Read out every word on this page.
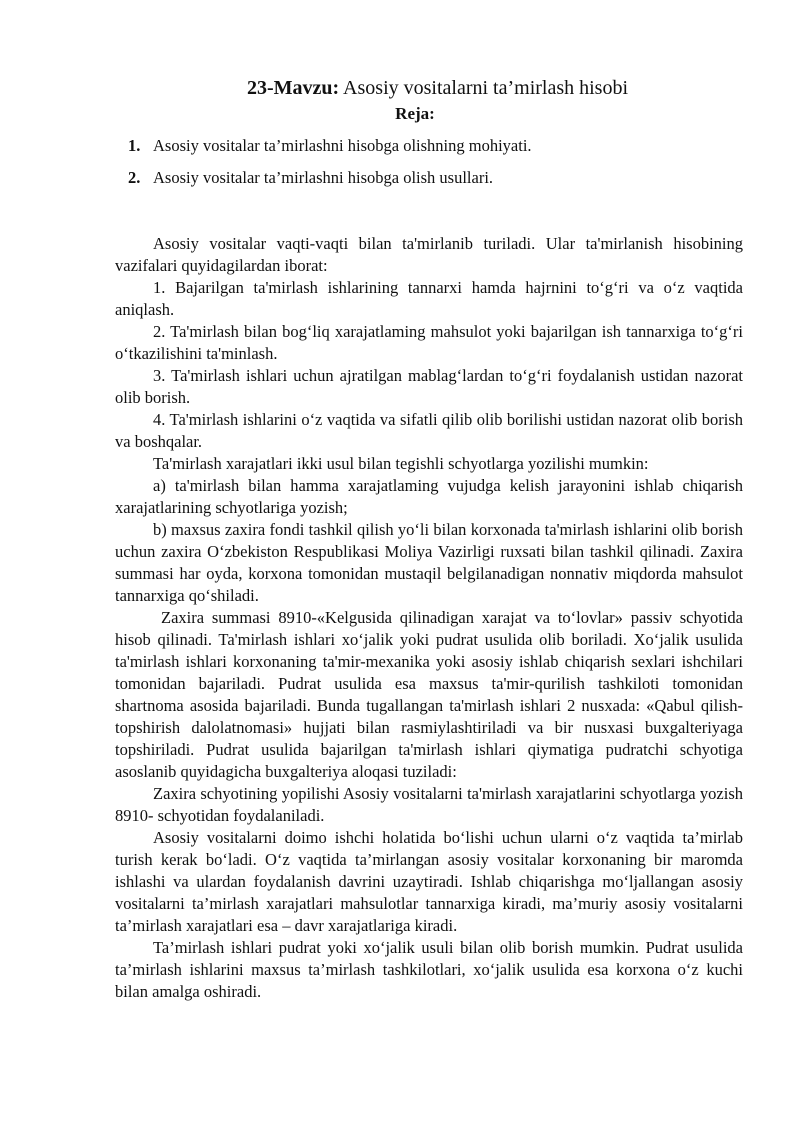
23-Mavzu: Asosiy vositalarni ta’mirlash hisobi
Reja:
1. Asosiy vositalar ta’mirlashni hisobga olishning mohiyati.
2. Asosiy vositalar ta’mirlashni hisobga olish usullari.

Asosiy vositalar vaqti-vaqti bilan ta'mirlanib turiladi. Ular ta'mirlanish hisobining vazifalari quyidagilardan iborat:

1. Bajarilgan ta'mirlash ishlarining tannarxi hamda hajrnini to‘g‘ri va o‘z vaqtida aniqlash.

2. Ta'mirlash bilan bog‘liq xarajatlaming mahsulot yoki bajarilgan ish tannarxiga to‘g‘ri o‘tkazilishini ta'minlash.

3. Ta'mirlash ishlari uchun ajratilgan mablag‘lardan to‘g‘ri foydalanish ustidan nazorat olib borish.

4. Ta'mirlash ishlarini o‘z vaqtida va sifatli qilib olib borilishi ustidan nazorat olib borish va boshqalar.

Ta'mirlash xarajatlari ikki usul bilan tegishli schyotlarga yozilishi mumkin:

a) ta'mirlash bilan hamma xarajatlaming vujudga kelish jarayonini ishlab chiqarish xarajatlarining schyotlariga yozish;

b) maxsus zaxira fondi tashkil qilish yo‘li bilan korxonada ta'mirlash ishlarini olib borish uchun zaxira O‘zbekiston Respublikasi Moliya Vazirligi ruxsati bilan tashkil qilinadi. Zaxira summasi har oyda, korxona tomonidan mustaqil belgilanadigan nonnativ miqdorda mahsulot tannarxiga qo‘shiladi.

Zaxira summasi 8910-«Kelgusida qilinadigan xarajat va to‘lovlar» passiv schyotida hisob qilinadi. Ta'mirlash ishlari xo‘jalik yoki pudrat usulida olib boriladi. Xo‘jalik usulida ta'mirlash ishlari korxonaning ta'mir-mexanika yoki asosiy ishlab chiqarish sexlari ishchilari tomonidan bajariladi. Pudrat usulida esa maxsus ta'mir-qurilish tashkiloti tomonidan shartnoma asosida bajariladi. Bunda tugallangan ta'mirlash ishlari 2 nusxada: «Qabul qilish-topshirish dalolatnomasi» hujjati bilan rasmiylashtiriladi va bir nusxasi buxgalteriyaga topshiriladi. Pudrat usulida bajarilgan ta'mirlash ishlari qiymatiga pudratchi schyotiga asoslanib quyidagicha buxgalteriya aloqasi tuziladi:

Zaxira schyotining yopilishi Asosiy vositalarni ta'mirlash xarajatlarini schyotlarga yozish 8910- schyotidan foydalaniladi.

Asosiy vositalarni doimo ishchi holatida bo‘lishi uchun ularni o‘z vaqtida ta’mirlab turish kerak bo‘ladi. O‘z vaqtida ta’mirlangan asosiy vositalar korxonaning bir maromda ishlashi va ulardan foydalanish davrini uzaytiradi. Ishlab chiqarishga mo‘ljallangan asosiy vositalarni ta’mirlash xarajatlari mahsulotlar tannarxiga kiradi, ma’muriy asosiy vositalarni ta’mirlash xarajatlari esa – davr xarajatlariga kiradi.

Ta’mirlash ishlari pudrat yoki xo‘jalik usuli bilan olib borish mumkin. Pudrat usulida ta’mirlash ishlarini maxsus ta’mirlash tashkilotlari, xo‘jalik usulida esa korxona o‘z kuchi bilan amalga oshiradi.
